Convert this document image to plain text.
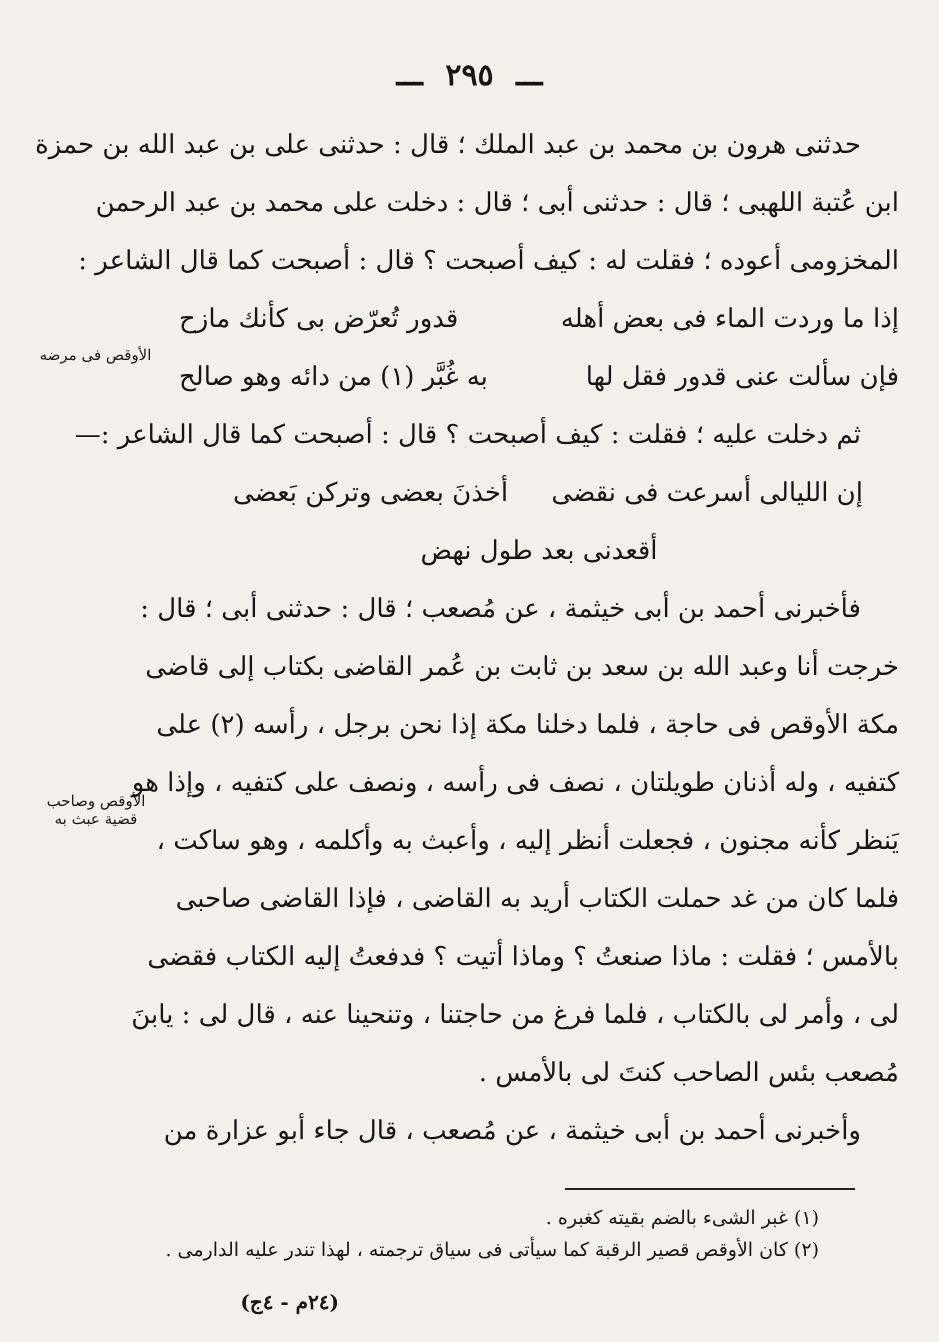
ـــ ٢٩٥ ـــ
حدثنى هرون بن محمد بن عبد الملك ؛ قال : حدثنى على بن عبد الله بن حمزة
ابن عُتبة اللهبى ؛ قال : حدثنى أبى ؛ قال : دخلت على محمد بن عبد الرحمن
المخزومى أعوده ؛ فقلت له : كيف أصبحت ؟ قال : أصبحت كما قال الشاعر :
إذا ما وردت الماء فى بعض أهله
قدور تُعرّض بى كأنك مازح
فإن سألت عنى قدور فقل لها
به غُبَّر (١) من دائه وهو صالح
ثم دخلت عليه ؛ فقلت : كيف أصبحت ؟ قال : أصبحت كما قال الشاعر :—
إن الليالى أسرعت فى نقضى
أخذنَ بعضى وتركن بَعضى
أقعدنى بعد طول نهض
فأخبرنى أحمد بن أبى خيثمة ، عن مُصعب ؛ قال : حدثنى أبى ؛ قال :
خرجت أنا وعبد الله بن سعد بن ثابت بن عُمر القاضى بكتاب إلى قاضى
مكة الأوقص فى حاجة ، فلما دخلنا مكة إذا نحن برجل ، رأسه (٢) على
كتفيه ، وله أذنان طويلتان ، نصف فى رأسه ، ونصف على كتفيه ، وإذا هو
يَنظر كأنه مجنون ، فجعلت أنظر إليه ، وأعبث به وأكلمه ، وهو ساكت ،
فلما كان من غد حملت الكتاب أريد به القاضى ، فإذا القاضى صاحبى
بالأمس ؛ فقلت : ماذا صنعتُ ؟ وماذا أتيت ؟ فدفعتُ إليه الكتاب فقضى
لى ، وأمر لى بالكتاب ، فلما فرغ من حاجتنا ، وتنحينا عنه ، قال لى : يابنَ
مُصعب بئس الصاحب كنتَ لى بالأمس .
وأخبرنى أحمد بن أبى خيثمة ، عن مُصعب ، قال جاء أبو عزارة من
الأوقص فى مرضه
الأوقص وصاحب قضية عبث به
(١) غبر الشىء بالضم بقيته كغبره .
(٢) كان الأوقص قصير الرقبة كما سيأتى فى سياق ترجمته ، لهذا تندر عليه الدارمى .
(٢٤م - ٤ج)
